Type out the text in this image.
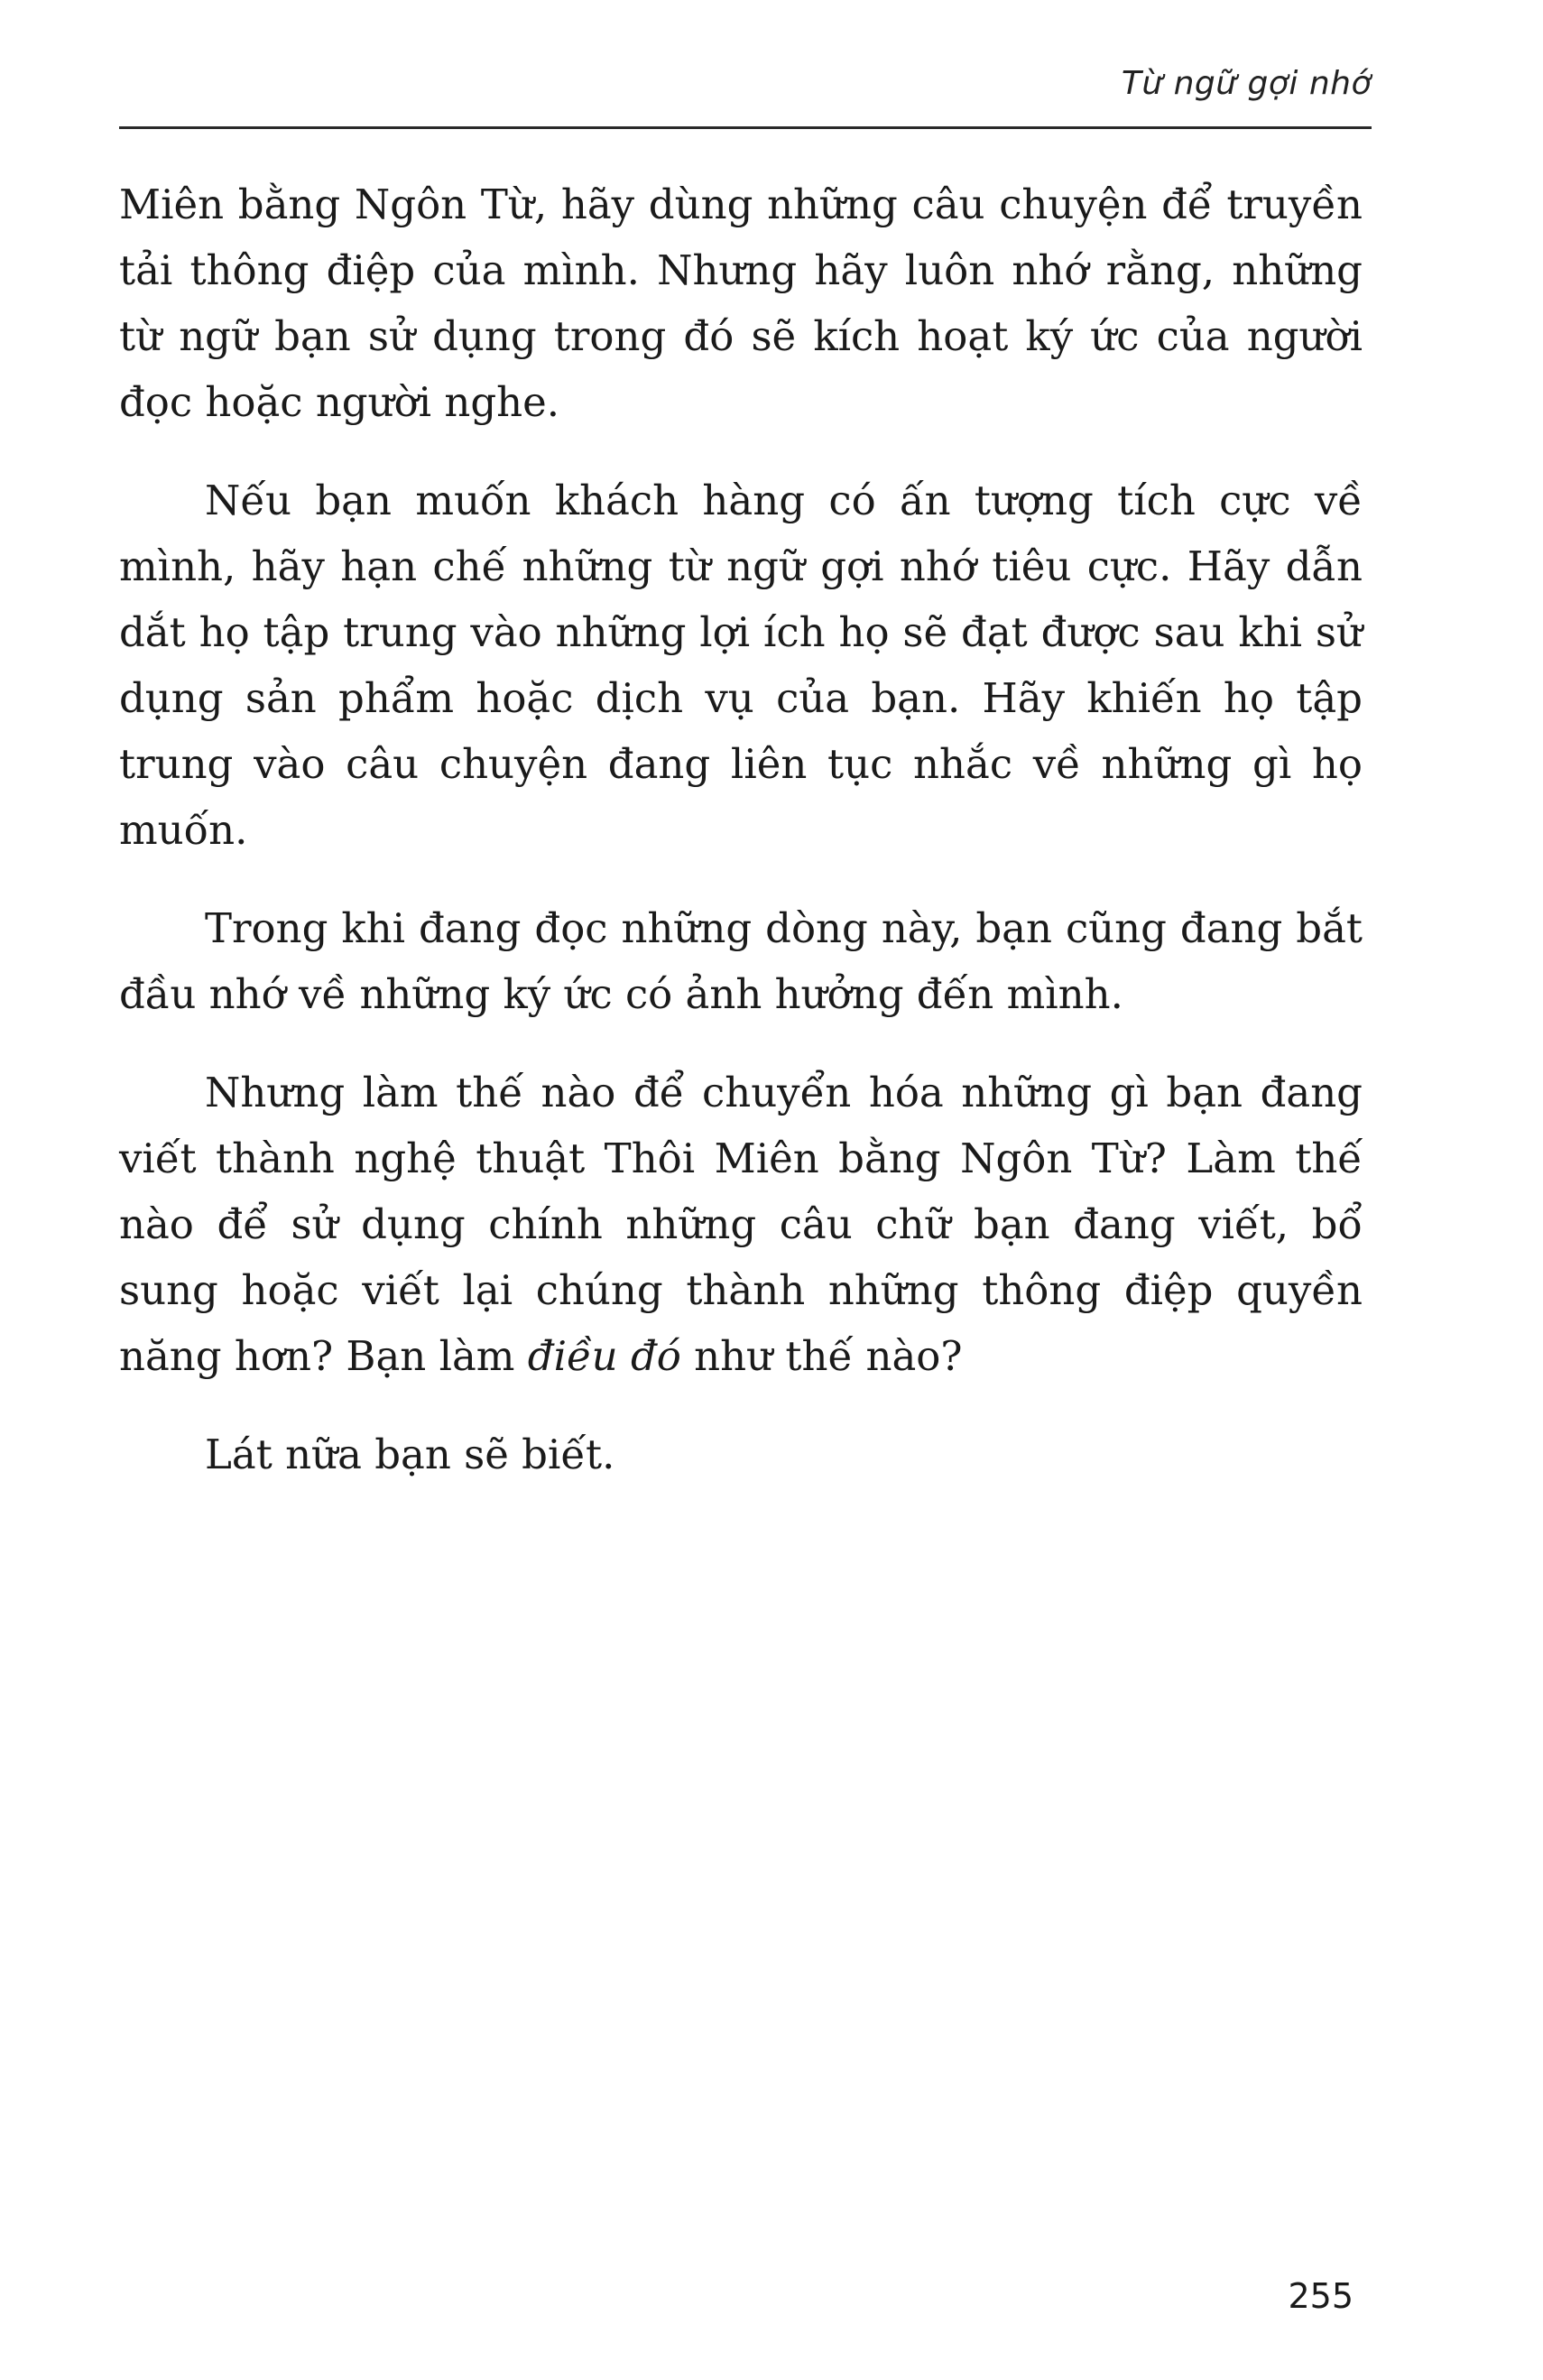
Từ ngữ gợi nhớ

Miên bằng Ngôn Từ, hãy dùng những câu chuyện để truyền tải thông điệp của mình. Nhưng hãy luôn nhớ rằng, những từ ngữ bạn sử dụng trong đó sẽ kích hoạt ký ức của người đọc hoặc người nghe.

Nếu bạn muốn khách hàng có ấn tượng tích cực về mình, hãy hạn chế những từ ngữ gợi nhớ tiêu cực. Hãy dẫn dắt họ tập trung vào những lợi ích họ sẽ đạt được sau khi sử dụng sản phẩm hoặc dịch vụ của bạn. Hãy khiến họ tập trung vào câu chuyện đang liên tục nhắc về những gì họ muốn.

Trong khi đang đọc những dòng này, bạn cũng đang bắt đầu nhớ về những ký ức có ảnh hưởng đến mình.

Nhưng làm thế nào để chuyển hóa những gì bạn đang viết thành nghệ thuật Thôi Miên bằng Ngôn Từ? Làm thế nào để sử dụng chính những câu chữ bạn đang viết, bổ sung hoặc viết lại chúng thành những thông điệp quyền năng hơn? Bạn làm điều đó như thế nào?

Lát nữa bạn sẽ biết.

255
